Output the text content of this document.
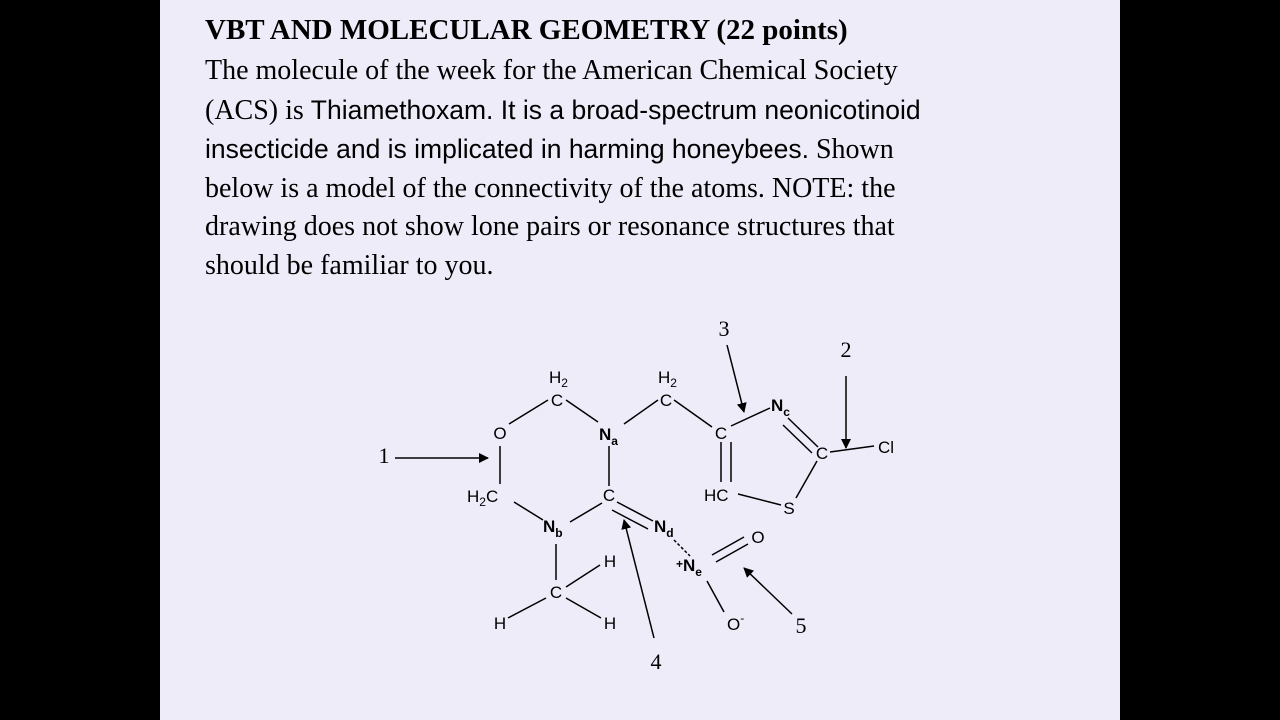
VBT AND MOLECULAR GEOMETRY (22 points)
The molecule of the week for the American Chemical Society
(ACS) is Thiamethoxam. It is a broad-spectrum neonicotinoid
insecticide and is implicated in harming honeybees. Shown
below is a model of the connectivity of the atoms. NOTE: the
drawing does not show lone pairs or resonance structures that
should be familiar to you.
O
C
$H_2$
$N_a$
C
$H_2$
C
$N_c$
C	Cl
S
HC
$H_2C$	C
$N_b$	$N_d$
$+N_e$
O
O-
C
H
H	H
1
2
3
4
5
